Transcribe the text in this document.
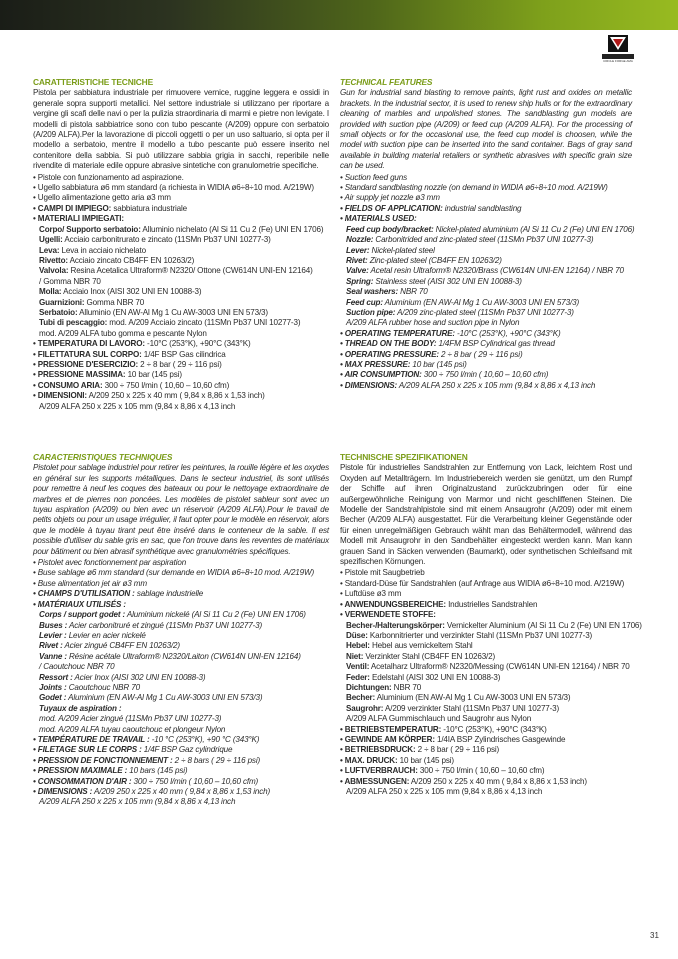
CIRCLE FORGE AMA
CARATTERISTICHE TECNICHE
Pistola per sabbiatura industriale per rimuovere vernice, ruggine leggera e ossidi in generale sopra supporti metallici. Nel settore industriale si utilizzano per riportare a vergine gli scafi delle navi o per la pulizia straordinaria di marmi e pietre non levigate. I modelli di pistola sabbiatrice sono con tubo pescante (A/209) oppure con serbatoio (A/209 ALFA).Per la lavorazione di piccoli oggetti o per un uso saltuario, si opta per il modello a serbatoio, mentre il modello a tubo pescante può essere inserito nel contenitore della sabbia. Si può utilizzare sabbia grigia in sacchi, reperibile nelle rivendite di materiale edile oppure abrasive sintetiche con granulometrie specifiche.
• Pistole con funzionamento ad aspirazione.
• Ugello sabbiatura ø6 mm standard (a richiesta in WIDIA ø6÷8÷10 mod. A/219W)
• Ugello alimentazione getto aria ø3 mm
• CAMPI DI IMPIEGO: sabbiatura industriale
• MATERIALI IMPIEGATI:
Corpo/ Supporto serbatoio: Alluminio nichelato (Al Si 11 Cu 2 (Fe) UNI EN 1706)
Ugelli: Acciaio carbonitrurato e zincato (11SMn Pb37 UNI 10277-3)
Leva: Leva in acciaio nichelato
Rivetto: Acciaio zincato CB4FF EN 10263/2)
Valvola: Resina Acetalica Ultraform® N2320/ Ottone (CW614N UNI-EN 12164)
/ Gomma NBR 70
Molla: Acciaio Inox (AISI 302 UNI EN 10088-3)
Guarnizioni: Gomma NBR 70
Serbatoio: Alluminio (EN AW-Al Mg 1 Cu AW-3003 UNI EN 573/3)
Tubi di pescaggio: mod. A/209 Acciaio zincato (11SMn Pb37 UNI 10277-3)
mod. A/209 ALFA tubo gomma e pescante Nylon
• TEMPERATURA DI LAVORO: -10°C (253°K), +90°C (343°K)
• FILETTATURA SUL CORPO: 1/4F BSP Gas cilindrica
• PRESSIONE D'ESERCIZIO: 2 ÷ 8 bar ( 29 ÷ 116 psi)
• PRESSIONE MASSIMA: 10 bar (145 psi)
• CONSUMO ARIA: 300 ÷ 750 l/min ( 10,60 – 10,60 cfm)
• DIMENSIONI: A/209 250 x 225 x 40 mm ( 9,84 x 8,86 x 1,53 inch)
A/209 ALFA 250 x 225 x 105 mm (9,84 x 8,86 x 4,13 inch
TECHNICAL FEATURES
Gun for industrial sand blasting to remove paints, light rust and oxides on metallic brackets. In the industrial sector, it is used to renew ship hulls or for the extraordinary cleaning of marbles and unpolished stones. The sandblasting gun models are provided with suction pipe (A/209) or feed cup (A/209 ALFA). For the processing of small objects or for the occasional use, the feed cup model is choosen, while the model with suction pipe can be inserted into the sand container. Bags of gray sand available in building material retailers or synthetic abrasives with specific grain size can be used.
• Suction feed guns
• Standard sandblasting nozzle (on demand in WIDIA ø6÷8÷10 mod. A/219W)
• Air supply jet nozzle ø3 mm
• FIELDS OF APPLICATION: industrial sandblasting
• MATERIALS USED:
Feed cup body/bracket: Nickel-plated aluminium (Al Si 11 Cu 2 (Fe) UNI EN 1706)
Nozzle: Carbonitrided and zinc-plated steel (11SMn Pb37 UNI 10277-3)
Lever: Nickel-plated steel
Rivet: Zinc-plated steel (CB4FF EN 10263/2)
Valve: Acetal resin Ultraform® N2320/Brass (CW614N UNI-EN 12164) / NBR 70
Spring: Stainless steel (AISI 302 UNI EN 10088-3)
Seal washers: NBR 70
Feed cup: Aluminium (EN AW-Al Mg 1 Cu AW-3003 UNI EN 573/3)
Suction pipe: A/209 zinc-plated steel (11SMn Pb37 UNI 10277-3)
A/209 ALFA rubber hose and suction pipe in Nylon
• OPERATING TEMPERATURE: -10°C (253°K), +90°C (343°K)
• THREAD ON THE BODY: 1/4FM BSP Cylindrical gas thread
• OPERATING PRESSURE: 2 ÷ 8 bar ( 29 ÷ 116 psi)
• MAX PRESSURE: 10 bar (145 psi)
• AIR CONSUMPTION: 300 ÷ 750 l/min ( 10,60 – 10,60 cfm)
• DIMENSIONS: A/209 ALFA 250 x 225 x 105 mm (9,84 x 8,86 x 4,13 inch
CARACTERISTIQUES TECHNIQUES
Pistolet pour sablage industriel pour retirer les peintures, la rouille légère et les oxydes en général sur les supports métalliques. Dans le secteur industriel, ils sont utilisés pour remettre à neuf les coques des bateaux ou pour le nettoyage extraordinaire de marbres et de pierres non poncées. Les modèles de pistolet sableur sont avec un tuyau aspiration (A/209) ou bien avec un réservoir (A/209 ALFA).Pour le travail de petits objets ou pour un usage irrégulier, il faut opter pour le modèle en réservoir, alors que le modèle à tuyau tirant peut être inséré dans le conteneur de la sable. Il est possible d'utiliser du sable gris en sac, que l'on trouve dans les reventes de matériaux pour bâtiment ou bien abrasif synthétique avec granulométries spécifiques.
• Pistolet avec fonctionnement par aspiration
• Buse sablage ø6 mm standard (sur demande en WIDIA ø6÷8÷10 mod. A/219W)
• Buse alimentation jet air ø3 mm
• CHAMPS D'UTILISATION : sablage industrielle
• MATÉRIAUX UTILISÉS :
Corps / support godet : Aluminium nickelé (Al Si 11 Cu 2 (Fe) UNI EN 1706)
Buses : Acier carbonitruré et zingué (11SMn Pb37 UNI 10277-3)
Levier : Levier en acier nickelé
Rivet : Acier zingué CB4FF EN 10263/2)
Vanne : Résine acétale Ultraform® N2320/Laiton (CW614N UNI-EN 12164)
/ Caoutchouc NBR 70
Ressort : Acier Inox (AISI 302 UNI EN 10088-3)
Joints : Caoutchouc NBR 70
Godet : Aluminium (EN AW-Al Mg 1 Cu AW-3003 UNI EN 573/3)
Tuyaux de aspiration :
mod. A/209 Acier zingué (11SMn Pb37 UNI 10277-3)
mod. A/209 ALFA tuyau caoutchouc et plongeur Nylon
• TEMPÉRATURE DE TRAVAIL : -10 °C (253°K), +90 °C (343°K)
• FILETAGE SUR LE CORPS : 1/4F BSP Gaz cylindrique
• PRESSION DE FONCTIONNEMENT : 2 ÷ 8 bars ( 29 ÷ 116 psi)
• PRESSION MAXIMALE : 10 bars (145 psi)
• CONSOMMATION D'AIR : 300 ÷ 750 l/min ( 10,60 – 10,60 cfm)
• DIMENSIONS : A/209 250 x 225 x 40 mm ( 9,84 x 8,86 x 1,53 inch)
A/209 ALFA 250 x 225 x 105 mm (9,84 x 8,86 x 4,13 inch
TECHNISCHE SPEZIFIKATIONEN
Pistole für industrielles Sandstrahlen zur Entfernung von Lack, leichtem Rost und Oxyden auf Metallträgern. Im Industriebereich werden sie genützt, um den Rumpf der Schiffe auf ihren Originalzustand zurückzubringen oder für eine außergewöhnliche Reinigung von Marmor und nicht geschliffenen Steinen. Die Modelle der Sandstrahlpistole sind mit einem Ansaugrohr (A/209) oder mit einem Becher (A/209 ALFA) ausgestattet. Für die Verarbeitung kleiner Gegenstände oder für einen unregelmäßigen Gebrauch wählt man das Behältermodell, während das Modell mit Ansaugrohr in den Sandbehälter eingesteckt werden kann. Man kann grauen Sand in Säcken verwenden (Baumarkt), oder synthetischen Schleifsand mit spezifischen Körnungen.
• Pistole mit Saugbetrieb
• Standard-Düse für Sandstrahlen (auf Anfrage aus WIDIA ø6÷8÷10 mod. A/219W)
• Luftdüse ø3 mm
• ANWENDUNGSBEREICHE: Industrielles Sandstrahlen
• VERWENDETE STOFFE:
Becher-/Halterungskörper: Vernickelter Aluminium (Al Si 11 Cu 2 (Fe) UNI EN 1706)
Düse: Karbonnitrierter und verzinkter Stahl (11SMn Pb37 UNI 10277-3)
Hebel: Hebel aus vernickeltem Stahl
Niet: Verzinkter Stahl (CB4FF EN 10263/2)
Ventil: Acetalharz Ultraform® N2320/Messing (CW614N UNI-EN 12164) / NBR 70
Feder: Edelstahl (AISI 302 UNI EN 10088-3)
Dichtungen: NBR 70
Becher: Aluminium (EN AW-Al Mg 1 Cu AW-3003 UNI EN 573/3)
Saugrohr: A/209 verzinkter Stahl (11SMn Pb37 UNI 10277-3)
A/209 ALFA Gummischlauch und Saugrohr aus Nylon
• BETRIEBSTEMPERATUR: -10°C (253°K), +90°C (343°K)
• GEWINDE AM KÖRPER: 1/4IA BSP Zylindrisches Gasgewinde
• BETRIEBSDRUCK: 2 ÷ 8 bar ( 29 ÷ 116 psi)
• MAX. DRUCK: 10 bar (145 psi)
• LUFTVERBRAUCH: 300 ÷ 750 l/min ( 10,60 – 10,60 cfm)
• ABMESSUNGEN: A/209 250 x 225 x 40 mm ( 9,84 x 8,86 x 1,53 inch)
A/209 ALFA 250 x 225 x 105 mm (9,84 x 8,86 x 4,13 inch
31
